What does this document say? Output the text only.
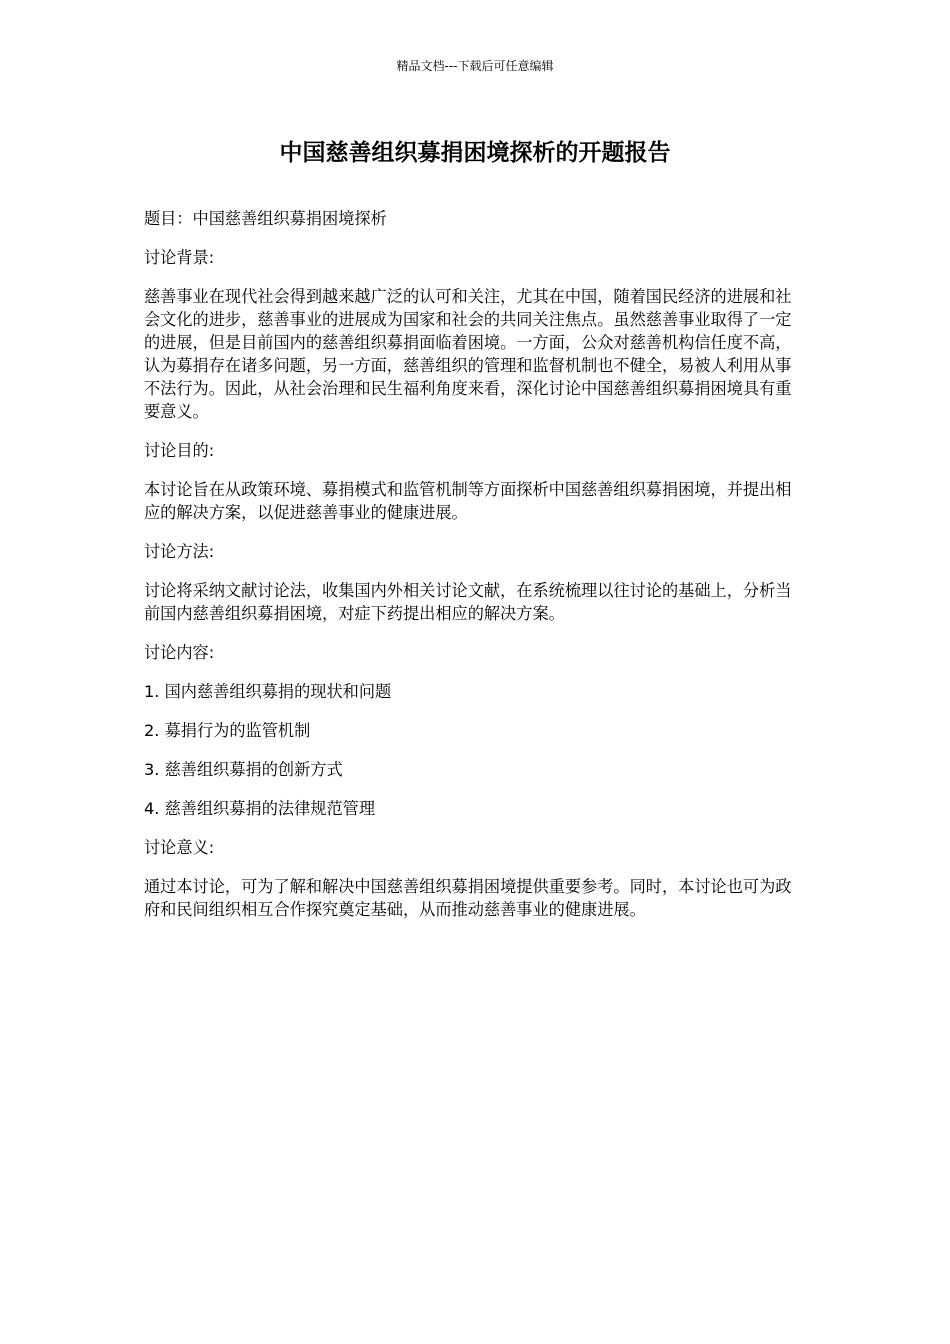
精品文档---下载后可任意编辑
中国慈善组织募捐困境探析的开题报告

题目：中国慈善组织募捐困境探析

讨论背景:

慈善事业在现代社会得到越来越广泛的认可和关注，尤其在中国，随着国民经济的进展和社会文化的进步，慈善事业的进展成为国家和社会的共同关注焦点。虽然慈善事业取得了一定的进展，但是目前国内的慈善组织募捐面临着困境。一方面，公众对慈善机构信任度不高，认为募捐存在诸多问题，另一方面，慈善组织的管理和监督机制也不健全，易被人利用从事不法行为。因此，从社会治理和民生福利角度来看，深化讨论中国慈善组织募捐困境具有重要意义。

讨论目的:

本讨论旨在从政策环境、募捐模式和监管机制等方面探析中国慈善组织募捐困境，并提出相应的解决方案，以促进慈善事业的健康进展。

讨论方法:

讨论将采纳文献讨论法，收集国内外相关讨论文献，在系统梳理以往讨论的基础上，分析当前国内慈善组织募捐困境，对症下药提出相应的解决方案。

讨论内容:

1. 国内慈善组织募捐的现状和问题
2. 募捐行为的监管机制
3. 慈善组织募捐的创新方式
4. 慈善组织募捐的法律规范管理

讨论意义:

通过本讨论，可为了解和解决中国慈善组织募捐困境提供重要参考。同时，本讨论也可为政府和民间组织相互合作探究奠定基础，从而推动慈善事业的健康进展。
